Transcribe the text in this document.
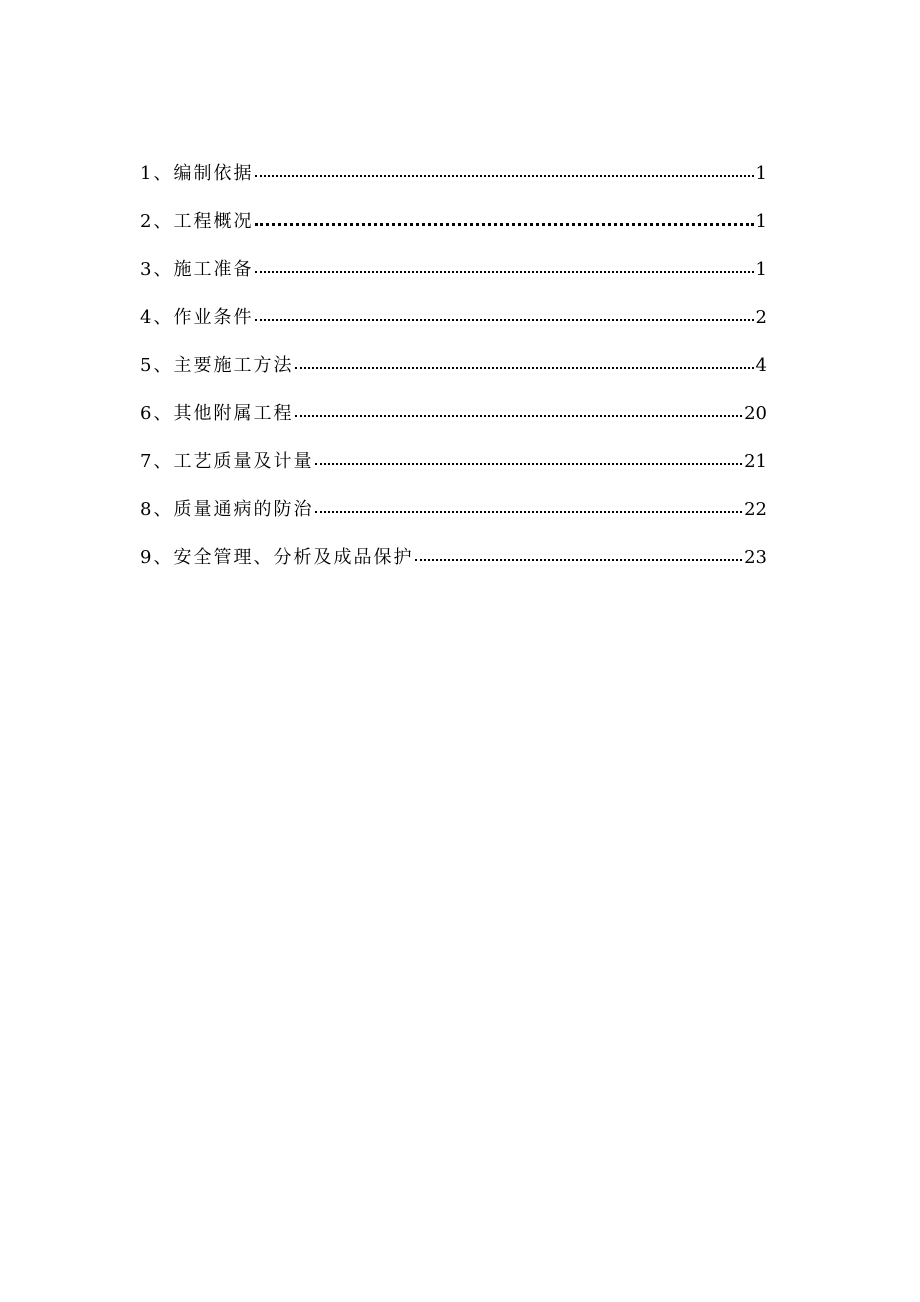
1、编制依据	1
2、工程概况	1
3、施工准备	1
4、作业条件	2
5、主要施工方法	4
6、其他附属工程	20
7、工艺质量及计量	21
8、质量通病的防治	22
9、安全管理、分析及成品保护	23
